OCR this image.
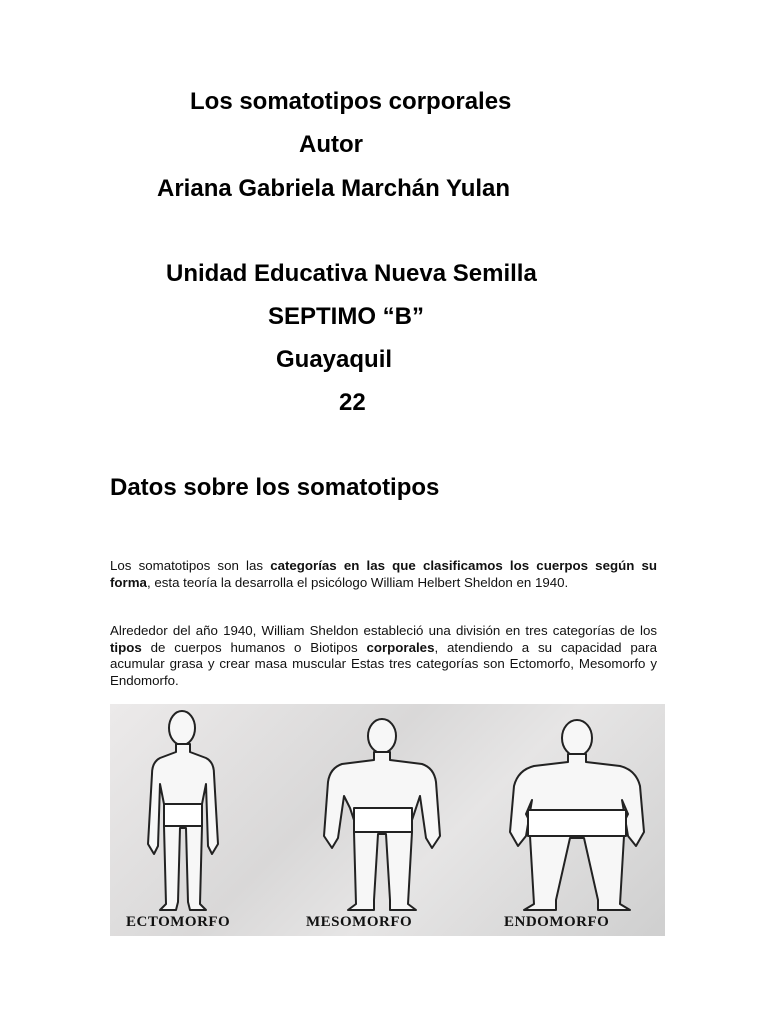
Los somatotipos corporales
Autor
Ariana Gabriela Marchán Yulan
Unidad Educativa Nueva Semilla
SEPTIMO “B”
Guayaquil
22
Datos sobre los somatotipos
Los somatotipos son las categorías en las que clasificamos los cuerpos según su forma, esta teoría la desarrolla el psicólogo William Helbert Sheldon en 1940.
Alrededor del año 1940, William Sheldon estableció una división en tres categorías de los tipos de cuerpos humanos o Biotipos corporales, atendiendo a su capacidad para acumular grasa y crear masa muscular Estas tres categorías son Ectomorfo, Mesomorfo y Endomorfo.
ECTOMORFO	MESOMORFO	ENDOMORFO
